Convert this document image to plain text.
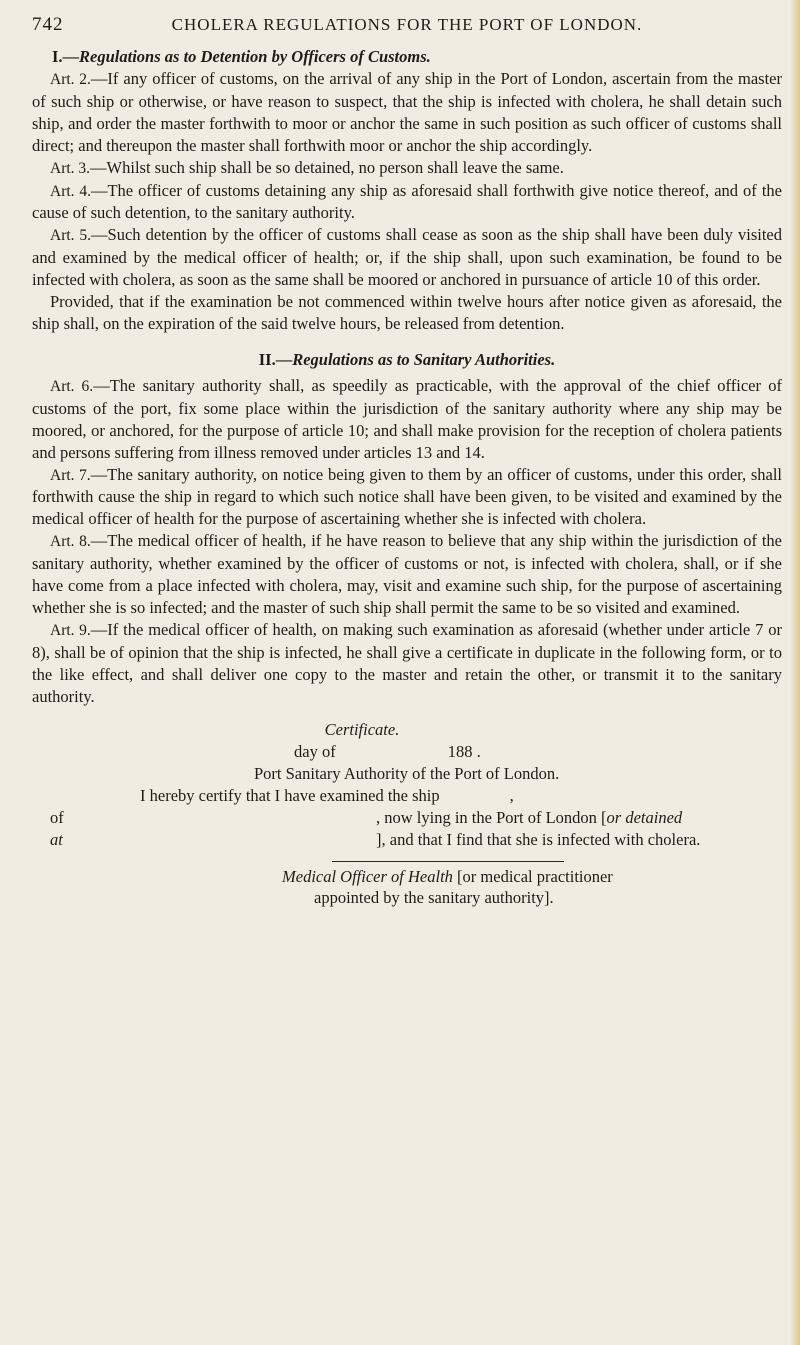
742	CHOLERA REGULATIONS FOR THE PORT OF LONDON.
I.—Regulations as to Detention by Officers of Customs.

Art. 2.—If any officer of customs, on the arrival of any ship in the Port of London, ascertain from the master of such ship or otherwise, or have reason to suspect, that the ship is infected with cholera, he shall detain such ship, and order the master forthwith to moor or anchor the same in such position as such officer of customs shall direct; and thereupon the master shall forthwith moor or anchor the ship accordingly.

Art. 3.—Whilst such ship shall be so detained, no person shall leave the same.

Art. 4.—The officer of customs detaining any ship as aforesaid shall forthwith give notice thereof, and of the cause of such detention, to the sanitary authority.

Art. 5.—Such detention by the officer of customs shall cease as soon as the ship shall have been duly visited and examined by the medical officer of health; or, if the ship shall, upon such examination, be found to be infected with cholera, as soon as the same shall be moored or anchored in pursuance of article 10 of this order.

Provided, that if the examination be not commenced within twelve hours after notice given as aforesaid, the ship shall, on the expiration of the said twelve hours, be released from detention.

II.—Regulations as to Sanitary Authorities.

Art. 6.—The sanitary authority shall, as speedily as practicable, with the approval of the chief officer of customs of the port, fix some place within the jurisdiction of the sanitary authority where any ship may be moored, or anchored, for the purpose of article 10; and shall make provision for the reception of cholera patients and persons suffering from illness removed under articles 13 and 14.

Art. 7.—The sanitary authority, on notice being given to them by an officer of customs, under this order, shall forthwith cause the ship in regard to which such notice shall have been given, to be visited and examined by the medical officer of health for the purpose of ascertaining whether she is infected with cholera.

Art. 8.—The medical officer of health, if he have reason to believe that any ship within the jurisdiction of the sanitary authority, whether examined by the officer of customs or not, is infected with cholera, shall, or if she have come from a place infected with cholera, may, visit and examine such ship, for the purpose of ascertaining whether she is so infected; and the master of such ship shall permit the same to be so visited and examined.

Art. 9.—If the medical officer of health, on making such examination as aforesaid (whether under article 7 or 8), shall be of opinion that the ship is infected, he shall give a certificate in duplicate in the following form, or to the like effect, and shall deliver one copy to the master and retain the other, or transmit it to the sanitary authority.

Certificate.
day of	188 .
Port Sanitary Authority of the Port of London.
of
at
I hereby certify that I have examined the ship	,
, now lying in the Port of London [or detained
], and that I find that she is infected with cholera.
Medical Officer of Health [or medical practitioner
appointed by the sanitary authority].
